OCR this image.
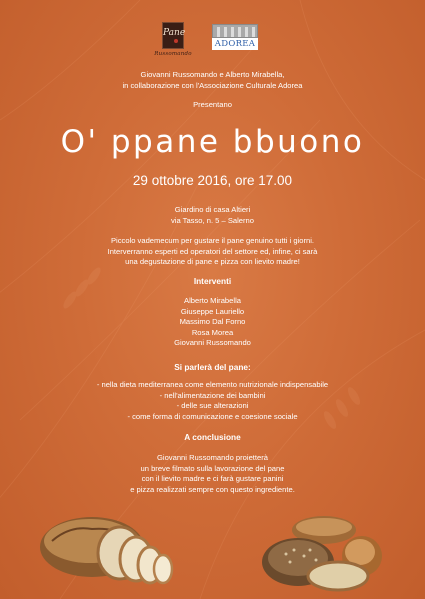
Pane
Russomando
ADOREA
Giovanni Russomando e Alberto Mirabella,
in collaborazione con l'Associazione Culturale Adorea
Presentano
O' ppane bbuono
29 ottobre 2016, ore 17.00
Giardino di casa Altieri
via Tasso, n. 5 – Salerno
Piccolo vademecum per gustare il pane genuino tutti i giorni.
Interverranno esperti ed operatori del settore ed, infine, ci sarà
una degustazione di pane e pizza con lievito madre!
Interventi
Alberto Mirabella
Giuseppe Lauriello
Massimo Dal Forno
Rosa Morea
Giovanni Russomando
Si parlerà del pane:
- nella dieta mediterranea come elemento nutrizionale indispensabile
- nell'alimentazione dei bambini
- delle sue alterazioni
- come forma di comunicazione e coesione sociale
A conclusione
Giovanni Russomando proietterà
un breve filmato sulla lavorazione del pane
con il lievito madre e ci farà gustare panini
e pizza realizzati sempre con questo ingrediente.
